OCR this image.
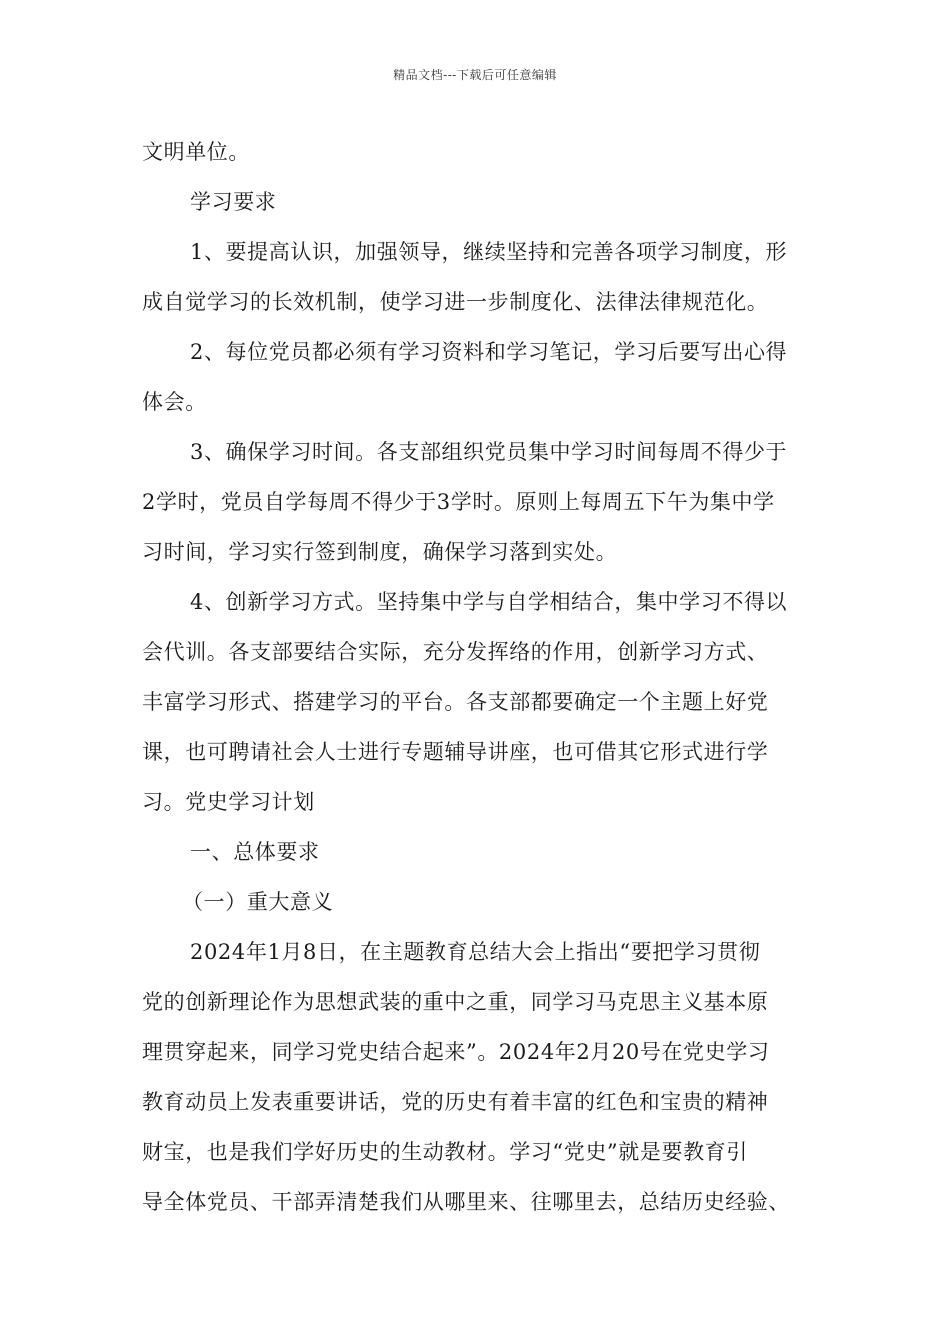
精品文档---下载后可任意编辑
文明单位。
学习要求
1、要提高认识，加强领导，继续坚持和完善各项学习制度，形
成自觉学习的长效机制，使学习进一步制度化、法律法律规范化。
2、每位党员都必须有学习资料和学习笔记，学习后要写出心得
体会。
3、确保学习时间。各支部组织党员集中学习时间每周不得少于
2学时，党员自学每周不得少于3学时。原则上每周五下午为集中学
习时间，学习实行签到制度，确保学习落到实处。
4、创新学习方式。坚持集中学与自学相结合，集中学习不得以
会代训。各支部要结合实际，充分发挥络的作用，创新学习方式、
丰富学习形式、搭建学习的平台。各支部都要确定一个主题上好党
课，也可聘请社会人士进行专题辅导讲座，也可借其它形式进行学
习。党史学习计划
一、总体要求
（一）重大意义
2024年1月8日，在主题教育总结大会上指出“要把学习贯彻
党的创新理论作为思想武装的重中之重，同学习马克思主义基本原
理贯穿起来，同学习党史结合起来”。2024年2月20号在党史学习
教育动员上发表重要讲话，党的历史有着丰富的红色和宝贵的精神
财宝，也是我们学好历史的生动教材。学习“党史”就是要教育引
导全体党员、干部弄清楚我们从哪里来、往哪里去，总结历史经验、
